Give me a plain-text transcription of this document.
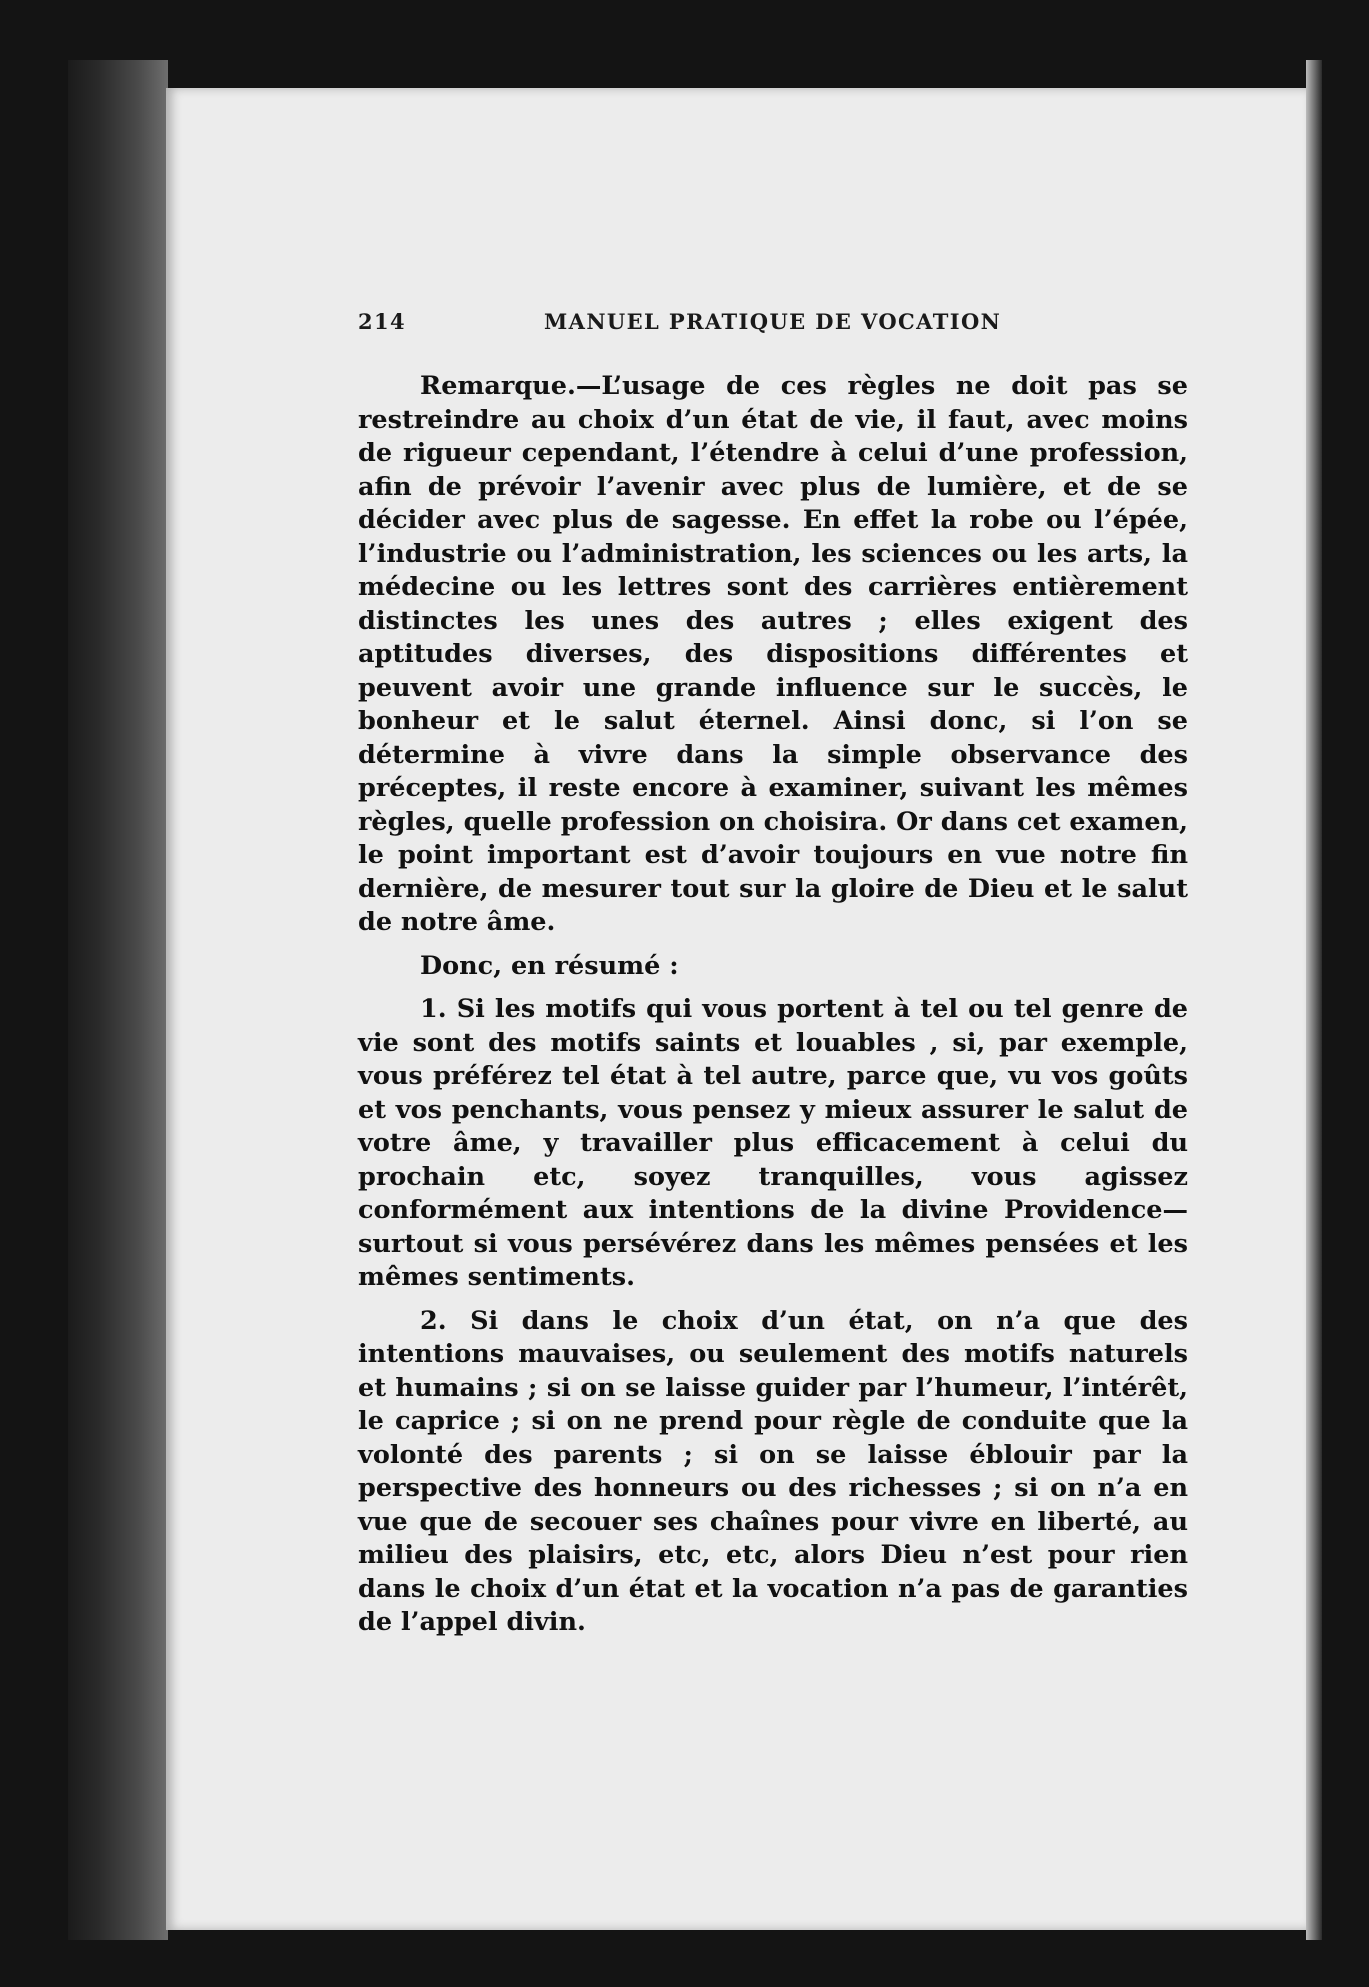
214	MANUEL PRATIQUE DE VOCATION

Remarque.—L’usage de ces règles ne doit pas se restreindre au choix d’un état de vie, il faut, avec moins de rigueur cependant, l’étendre à celui d’une profession, afin de prévoir l’avenir avec plus de lumière, et de se décider avec plus de sagesse. En effet la robe ou l’épée, l’industrie ou l’administration, les sciences ou les arts, la médecine ou les lettres sont des carrières entièrement distinctes les unes des autres ; elles exigent des aptitudes diverses, des dispositions différentes et peuvent avoir une grande influence sur le succès, le bonheur et le salut éternel. Ainsi donc, si l’on se détermine à vivre dans la simple observance des préceptes, il reste encore à examiner, suivant les mêmes règles, quelle profession on choisira. Or dans cet examen, le point important est d’avoir toujours en vue notre fin dernière, de mesurer tout sur la gloire de Dieu et le salut de notre âme.

Donc, en résumé :

1. Si les motifs qui vous portent à tel ou tel genre de vie sont des motifs saints et louables , si, par exemple, vous préférez tel état à tel autre, parce que, vu vos goûts et vos penchants, vous pensez y mieux assurer le salut de votre âme, y travailler plus efficacement à celui du prochain etc, soyez tranquilles, vous agissez conformément aux intentions de la divine Providence—surtout si vous persévérez dans les mêmes pensées et les mêmes sentiments.

2. Si dans le choix d’un état, on n’a que des intentions mauvaises, ou seulement des motifs naturels et humains ; si on se laisse guider par l’humeur, l’intérêt, le caprice ; si on ne prend pour règle de conduite que la volonté des parents ; si on se laisse éblouir par la perspective des honneurs ou des richesses ; si on n’a en vue que de secouer ses chaînes pour vivre en liberté, au milieu des plaisirs, etc, etc, alors Dieu n’est pour rien dans le choix d’un état et la vocation n’a pas de garanties de l’appel divin.
